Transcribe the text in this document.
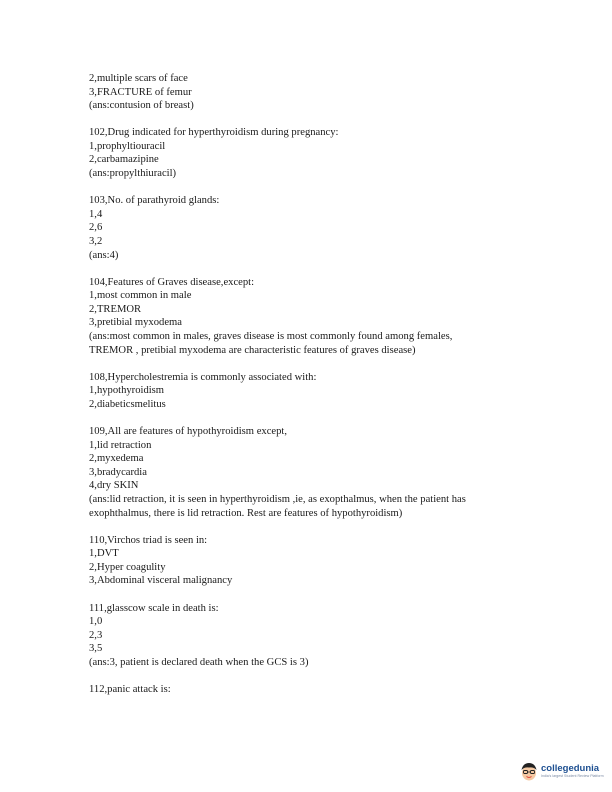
2,multiple scars of face
3,FRACTURE of femur
(ans:contusion of breast)
102,Drug indicated for hyperthyroidism during pregnancy:
1,prophyltiouracil
2,carbamazipine
(ans:propylthiuracil)
103,No. of parathyroid glands:
1,4
2,6
3,2
(ans:4)
104,Features of Graves disease,except:
1,most common in male
2,TREMOR
3,pretibial myxodema
(ans:most common in males, graves disease is most commonly found among females,
TREMOR , pretibial myxodema are characteristic features of graves disease)
108,Hypercholestremia is commonly associated with:
1,hypothyroidism
2,diabeticsmelitus
109,All are features of hypothyroidism except,
1,lid retraction
2,myxedema
3,bradycardia
4,dry SKIN
(ans:lid retraction, it is seen in hyperthyroidism ,ie, as exopthalmus, when the patient has
exophthalmus, there is lid retraction. Rest are features of hypothyroidism)
110,Virchos triad is seen in:
1,DVT
2,Hyper coagulity
3,Abdominal visceral malignancy
111,glasscow scale in death is:
1,0
2,3
3,5
(ans:3, patient is declared death when the GCS is 3)
112,panic attack is:
collegedunia
India's largest Student Review Platform
